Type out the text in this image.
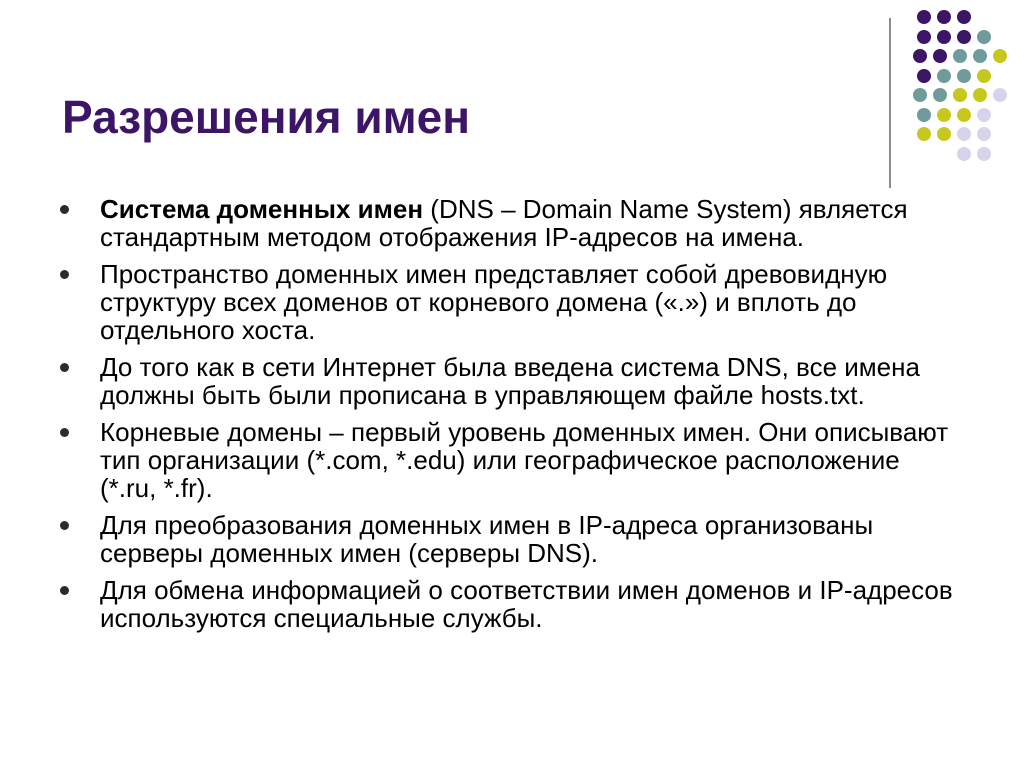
Разрешения имен
Система доменных имен (DNS – Domain Name System) является стандартным методом отображения IP-адресов на имена.
Пространство доменных имен представляет собой древовидную структуру всех доменов от корневого домена («.») и вплоть до отдельного хоста.
До того как в сети Интернет была введена система DNS, все имена должны быть были прописана в управляющем файле hosts.txt.
Корневые домены – первый уровень доменных имен. Они описывают тип организации (*.com, *.edu) или географическое расположение (*.ru, *.fr).
Для преобразования доменных имен в IP-адреса организованы серверы доменных имен (серверы DNS).
Для обмена информацией о соответствии имен доменов и IP-адресов используются специальные службы.
